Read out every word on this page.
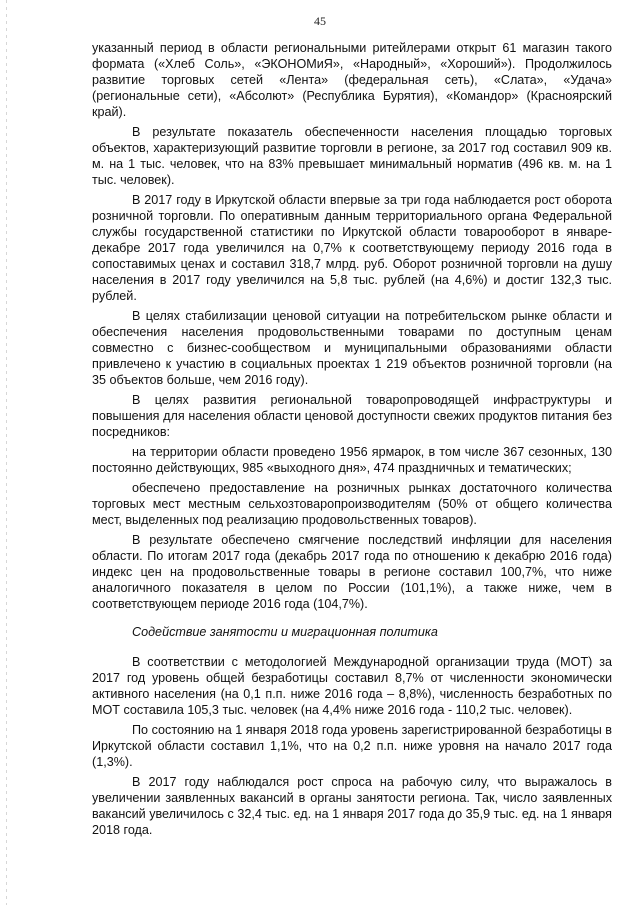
45

указанный период в области региональными ритейлерами открыт 61 магазин такого формата («Хлеб Соль», «ЭКОНОМиЯ», «Народный», «Хороший»). Продолжилось развитие торговых сетей «Лента» (федеральная сеть), «Слата», «Удача» (региональные сети), «Абсолют» (Республика Бурятия), «Командор» (Красноярский край).

В результате показатель обеспеченности населения площадью торговых объектов, характеризующий развитие торговли в регионе, за 2017 год составил 909 кв. м. на 1 тыс. человек, что на 83% превышает минимальный норматив (496 кв. м. на 1 тыс. человек).

В 2017 году в Иркутской области впервые за три года наблюдается рост оборота розничной торговли. По оперативным данным территориального органа Федеральной службы государственной статистики по Иркутской области товарооборот в январе-декабре 2017 года увеличился на 0,7% к соответствующему периоду 2016 года в сопоставимых ценах и составил 318,7 млрд. руб. Оборот розничной торговли на душу населения в 2017 году увеличился на 5,8 тыс. рублей (на 4,6%) и достиг 132,3 тыс. рублей.

В целях стабилизации ценовой ситуации на потребительском рынке области и обеспечения населения продовольственными товарами по доступным ценам совместно с бизнес-сообществом и муниципальными образованиями области привлечено к участию в социальных проектах 1 219 объектов розничной торговли (на 35 объектов больше, чем 2016 году).

В целях развития региональной товаропроводящей инфраструктуры и повышения для населения области ценовой доступности свежих продуктов питания без посредников:

на территории области проведено 1956 ярмарок, в том числе 367 сезонных, 130 постоянно действующих, 985 «выходного дня», 474 праздничных и тематических;

обеспечено предоставление на розничных рынках достаточного количества торговых мест местным сельхозтоваропроизводителям (50% от общего количества мест, выделенных под реализацию продовольственных товаров).

В результате обеспечено смягчение последствий инфляции для населения области. По итогам 2017 года (декабрь 2017 года по отношению к декабрю 2016 года) индекс цен на продовольственные товары в регионе составил 100,7%, что ниже аналогичного показателя в целом по России (101,1%), а также ниже, чем в соответствующем периоде 2016 года (104,7%).

Содействие занятости и миграционная политика

В соответствии с методологией Международной организации труда (МОТ) за 2017 год уровень общей безработицы составил 8,7% от численности экономически активного населения (на 0,1 п.п. ниже 2016 года – 8,8%), численность безработных по МОТ составила 105,3 тыс. человек (на 4,4% ниже 2016 года - 110,2 тыс. человек).

По состоянию на 1 января 2018 года уровень зарегистрированной безработицы в Иркутской области составил 1,1%, что на 0,2 п.п. ниже уровня на начало 2017 года (1,3%).

В 2017 году наблюдался рост спроса на рабочую силу, что выражалось в увеличении заявленных вакансий в органы занятости региона. Так, число заявленных вакансий увеличилось с 32,4 тыс. ед. на 1 января 2017 года до 35,9 тыс. ед. на 1 января 2018 года.
